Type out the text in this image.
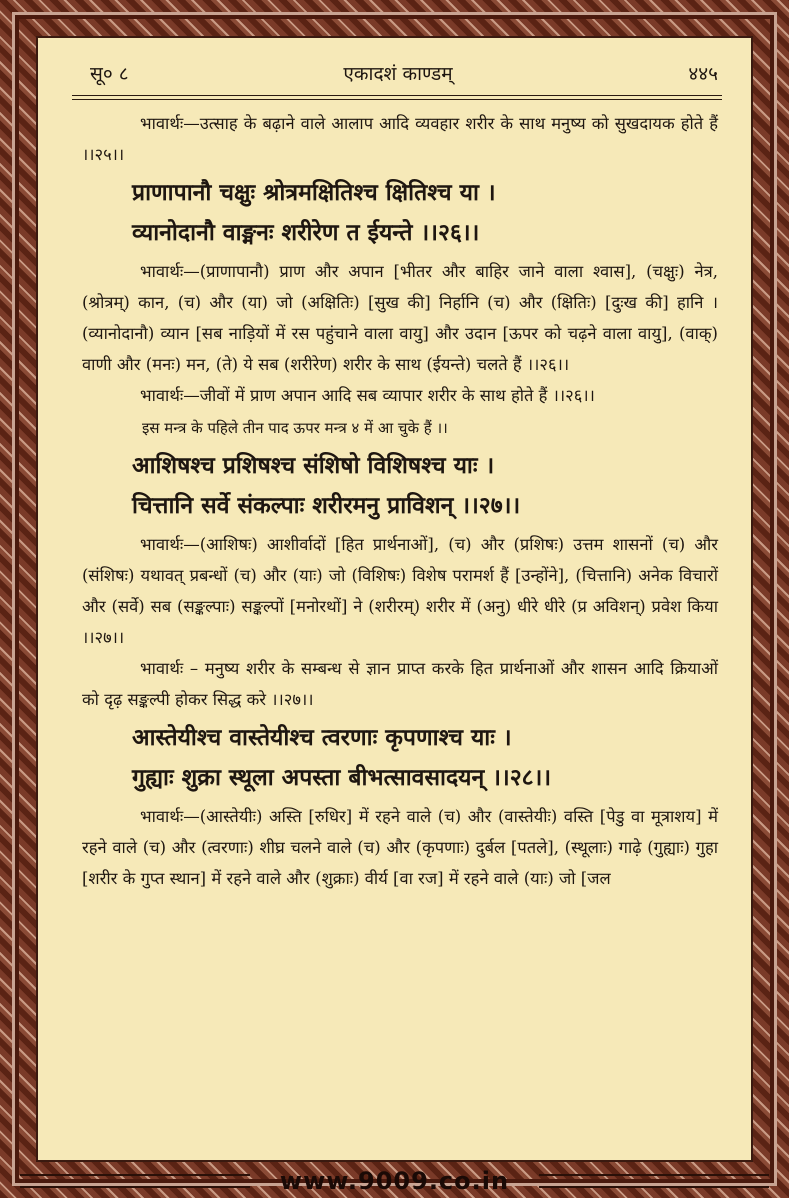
सू० ८	एकादशं काण्डम्	४४५

भावार्थः—उत्साह के बढ़ाने वाले आलाप आदि व्यवहार शरीर के साथ मनुष्य को सुखदायक होते हैं ।।२५।।

प्राणापानौ चक्षुः श्रोत्रमक्षितिश्च क्षितिश्च या ।

व्यानोदानौ वाङ्मनः शरीरेण त ईयन्ते ।।२६।।

भावार्थः—(प्राणापानौ) प्राण और अपान [भीतर और बाहिर जाने वाला श्वास], (चक्षुः) नेत्र, (श्रोत्रम्) कान, (च) और (या) जो (अक्षितिः) [सुख की] निर्हानि (च) और (क्षितिः) [दुःख की] हानि । (व्यानोदानौ) व्यान [सब नाड़ियों में रस पहुंचाने वाला वायु] और उदान [ऊपर को चढ़ने वाला वायु], (वाक्) वाणी और (मनः) मन, (ते) ये सब (शरीरेण) शरीर के साथ (ईयन्ते) चलते हैं ।।२६।।

भावार्थः—जीवों में प्राण अपान आदि सब व्यापार शरीर के साथ होते हैं ।।२६।।

इस मन्त्र के पहिले तीन पाद ऊपर मन्त्र ४ में आ चुके हैं ।।

आशिषश्च प्रशिषश्च संशिषो विशिषश्च याः ।

चित्तानि सर्वे संकल्पाः शरीरमनु प्राविशन् ।।२७।।

भावार्थः—(आशिषः) आशीर्वादों [हित प्रार्थनाओं], (च) और (प्रशिषः) उत्तम शासनों (च) और (संशिषः) यथावत् प्रबन्धों (च) और (याः) जो (विशिषः) विशेष परामर्श हैं [उन्होंने], (चित्तानि) अनेक विचारों और (सर्वे) सब (सङ्कल्पाः) सङ्कल्पों [मनोरथों] ने (शरीरम्) शरीर में (अनु) धीरे धीरे (प्र अविशन्) प्रवेश किया ।।२७।।

भावार्थः – मनुष्य शरीर के सम्बन्ध से ज्ञान प्राप्त करके हित प्रार्थनाओं और शासन आदि क्रियाओं को दृढ़ सङ्कल्पी होकर सिद्ध करे ।।२७।।

आस्तेयीश्च वास्तेयीश्च त्वरणाः कृपणाश्च याः ।

गुह्याः शुक्रा स्थूला अपस्ता बीभत्सावसादयन् ।।२८।।

भावार्थः—(आस्तेयीः) अस्ति [रुधिर] में रहने वाले (च) और (वास्तेयीः) वस्ति [पेडु वा मूत्राशय] में रहने वाले (च) और (त्वरणाः) शीघ्र चलने वाले (च) और (कृपणाः) दुर्बल [पतले], (स्थूलाः) गाढ़े (गुह्याः) गुहा [शरीर के गुप्त स्थान] में रहने वाले और (शुक्राः) वीर्य [वा रज] में रहने वाले (याः) जो [जल

www.9009.co.in
